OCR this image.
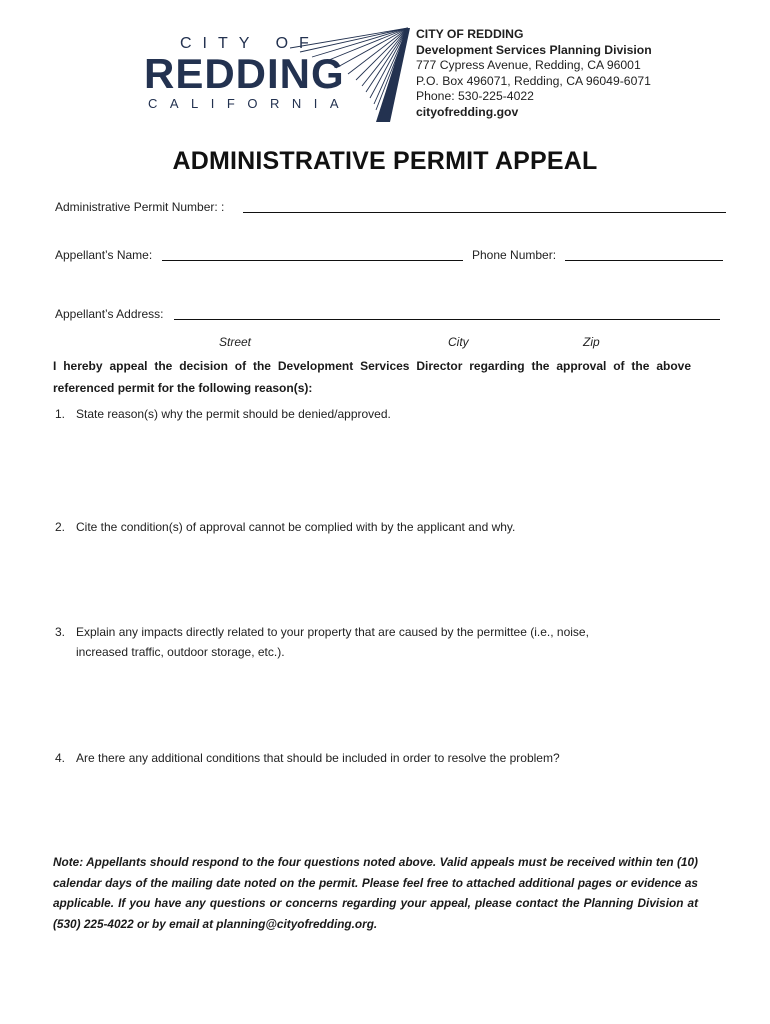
CITY OF
REDDING
CALIFORNIA
CITY OF REDDING
Development Services Planning Division
777 Cypress Avenue, Redding, CA 96001
P.O. Box 496071, Redding, CA 96049-6071
Phone: 530-225-4022
cityofredding.gov
ADMINISTRATIVE PERMIT APPEAL
Administrative Permit Number: :
Appellant’s Name:	Phone Number:
Appellant’s Address:
Street	City	Zip
I hereby appeal the decision of the Development Services Director regarding the approval of the above referenced permit for the following reason(s):
1. State reason(s) why the permit should be denied/approved.
2. Cite the condition(s) of approval cannot be complied with by the applicant and why.
3. Explain any impacts directly related to your property that are caused by the permittee (i.e., noise, increased traffic, outdoor storage, etc.).
4. Are there any additional conditions that should be included in order to resolve the problem?
Note: Appellants should respond to the four questions noted above. Valid appeals must be received within ten (10) calendar days of the mailing date noted on the permit. Please feel free to attached additional pages or evidence as applicable. If you have any questions or concerns regarding your appeal, please contact the Planning Division at (530) 225-4022 or by email at planning@cityofredding.org.
